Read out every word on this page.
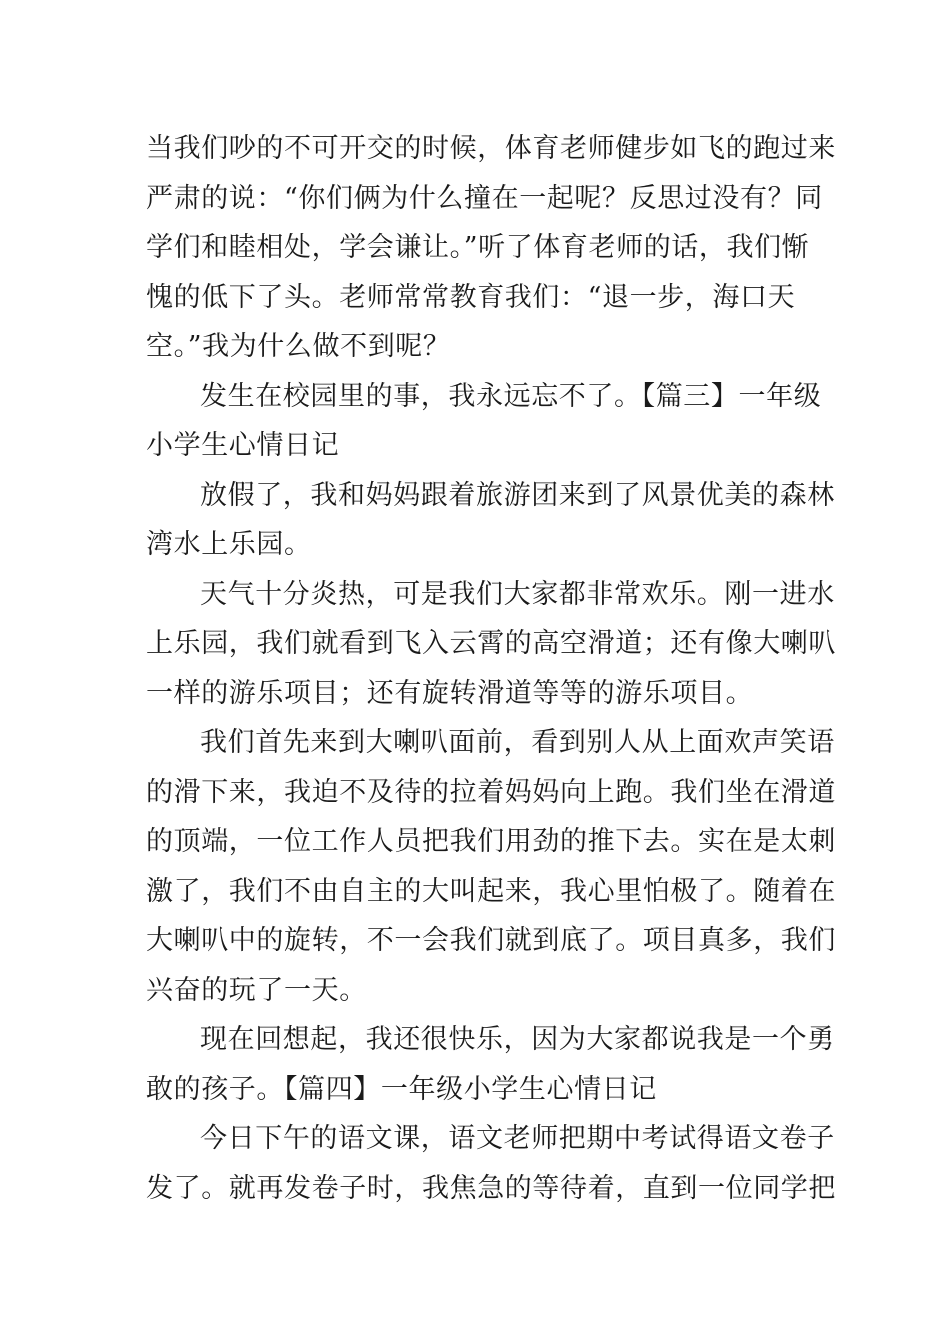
当我们吵的不可开交的时候，体育老师健步如飞的跑过来
严肃的说：“你们俩为什么撞在一起呢？反思过没有？同
学们和睦相处，学会谦让。”听了体育老师的话，我们惭
愧的低下了头。老师常常教育我们：“退一步，海口天
空。”我为什么做不到呢？
发生在校园里的事，我永远忘不了。【篇三】一年级
小学生心情日记
放假了，我和妈妈跟着旅游团来到了风景优美的森林
湾水上乐园。
天气十分炎热，可是我们大家都非常欢乐。刚一进水
上乐园，我们就看到飞入云霄的高空滑道；还有像大喇叭
一样的游乐项目；还有旋转滑道等等的游乐项目。
我们首先来到大喇叭面前，看到别人从上面欢声笑语
的滑下来，我迫不及待的拉着妈妈向上跑。我们坐在滑道
的顶端，一位工作人员把我们用劲的推下去。实在是太刺
激了，我们不由自主的大叫起来，我心里怕极了。随着在
大喇叭中的旋转，不一会我们就到底了。项目真多，我们
兴奋的玩了一天。
现在回想起，我还很快乐，因为大家都说我是一个勇
敢的孩子。【篇四】一年级小学生心情日记
今日下午的语文课，语文老师把期中考试得语文卷子
发了。就再发卷子时，我焦急的等待着，直到一位同学把
